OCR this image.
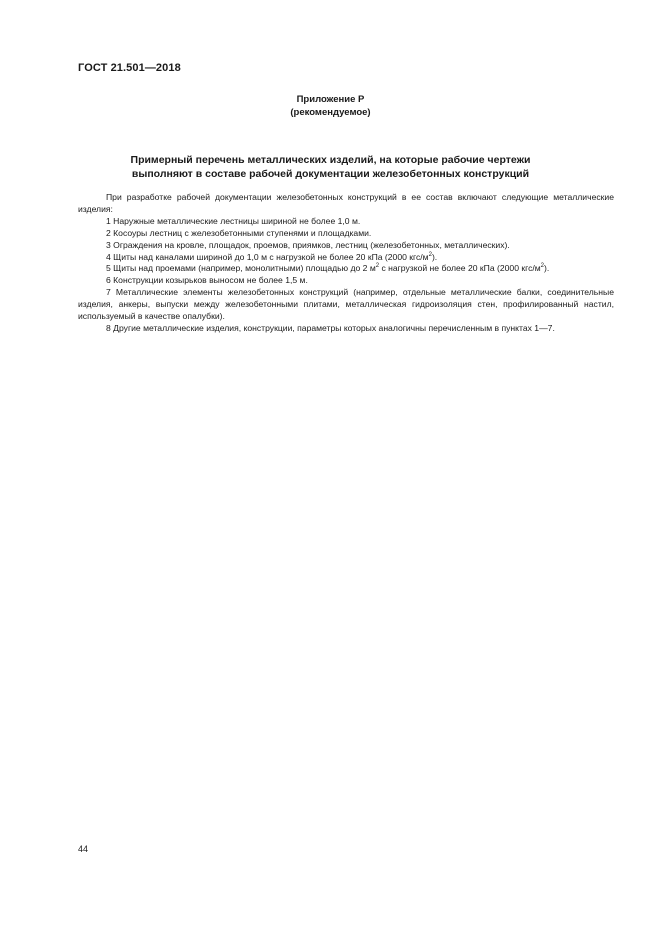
ГОСТ 21.501—2018
Приложение Р
(рекомендуемое)
Примерный перечень металлических изделий, на которые рабочие чертежи
выполняют в составе рабочей документации железобетонных конструкций

При разработке рабочей документации железобетонных конструкций в ее состав включают следующие металлические изделия:

1 Наружные металлические лестницы шириной не более 1,0 м.

2 Косоуры лестниц с железобетонными ступенями и площадками.

3 Ограждения на кровле, площадок, проемов, приямков, лестниц (железобетонных, металлических).

4 Щиты над каналами шириной до 1,0 м с нагрузкой не более 20 кПа (2000 кгс/$м^2$).

5 Щиты над проемами (например, монолитными) площадью до 2 $м^2$ с нагрузкой не более 20 кПа (2000 кгс/$м^2$).

6 Конструкции козырьков выносом не более 1,5 м.

7 Металлические элементы железобетонных конструкций (например, отдельные металлические балки, соединительные изделия, анкеры, выпуски между железобетонными плитами, металлическая гидроизоляция стен, профилированный настил, используемый в качестве опалубки).

8 Другие металлические изделия, конструкции, параметры которых аналогичны перечисленным в пунктах 1—7.

44
